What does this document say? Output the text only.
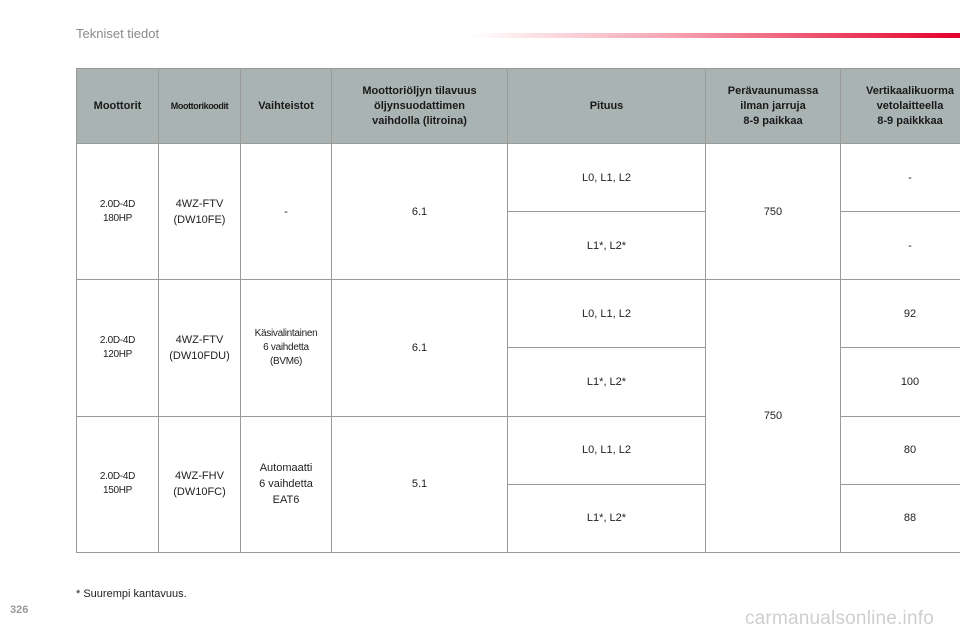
Tekniset tiedot
Moottorit	Moottorikoodit	Vaihteistot	Moottoriöljyn tilavuus
öljynsuodattimen
vaihdolla (litroina)	Pituus	Perävaunumassa
ilman jarruja
8-9 paikkaa	Vertikaalikuorma
vetolaitteella
8-9 paikkkaa

2.0D-4D
180HP	4WZ-FTV
(DW10FE)	-	6.1	L0, L1, L2	750	-
				L1*, L2*		-

2.0D-4D
120HP	4WZ-FTV
(DW10FDU)	Käsivalintainen
6 vaihdetta
(BVM6)	6.1	L0, L1, L2	750	92
				L1*, L2*		100

2.0D-4D
150HP	4WZ-FHV
(DW10FC)	Automaatti
6 vaihdetta
EAT6	5.1	L0, L1, L2		80
				L1*, L2*		88
* Suurempi kantavuus.
326	carmanualsonline.info
